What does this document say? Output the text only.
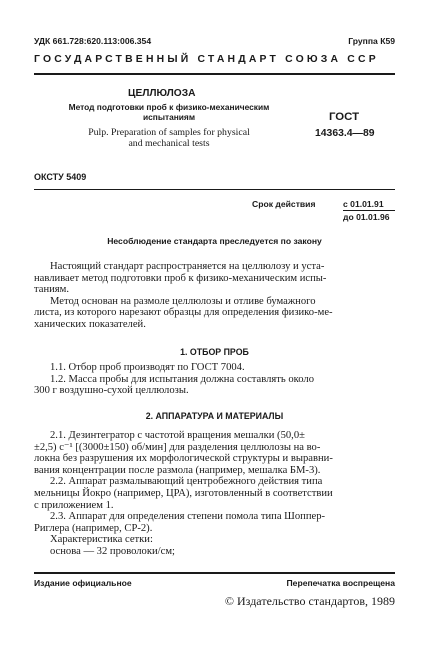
УДК 661.728:620.113:006.354	Группа К59
ГОСУДАРСТВЕННЫЙ СТАНДАРТ СОЮЗА ССР
ЦЕЛЛЮЛОЗА
Метод подготовки проб к физико-механическим
испытаниям
Pulp. Preparation of samples for physical
and mechanical tests
ГОСТ
14363.4—89
ОКСТУ 5409
Срок действия	с 01.01.91
до 01.01.96
Несоблюдение стандарта преследуется по закону

Настоящий стандарт распространяется на целлюлозу и уста-

навливает метод подготовки проб к физико-механическим испы-

таниям.

Метод основан на размоле целлюлозы и отливе бумажного

листа, из которого нарезают образцы для определения физико-ме-

ханических показателей.

1. ОТБОР ПРОБ

1.1. Отбор проб производят по ГОСТ 7004.

1.2. Масса пробы для испытания должна составлять около

300 г воздушно-сухой целлюлозы.

2. АППАРАТУРА И МАТЕРИАЛЫ

2.1. Дезинтегратор с частотой вращения мешалки (50,0±

±2,5) с⁻¹ [(3000±150) об/мин] для разделения целлюлозы на во-

локна без разрушения их морфологической структуры и выравни-

вания концентрации после размола (например, мешалка БМ-3).

2.2. Аппарат размалывающий центробежного действия типа

мельницы Йокро (например, ЦРА), изготовленный в соответствии

с приложением 1.

2.3. Аппарат для определения степени помола типа Шоппер-

Риглера (например, СР-2).

Характеристика сетки:

основа — 32 проволоки/см;

Издание официальное	Перепечатка воспрещена
© Издательство стандартов, 1989
